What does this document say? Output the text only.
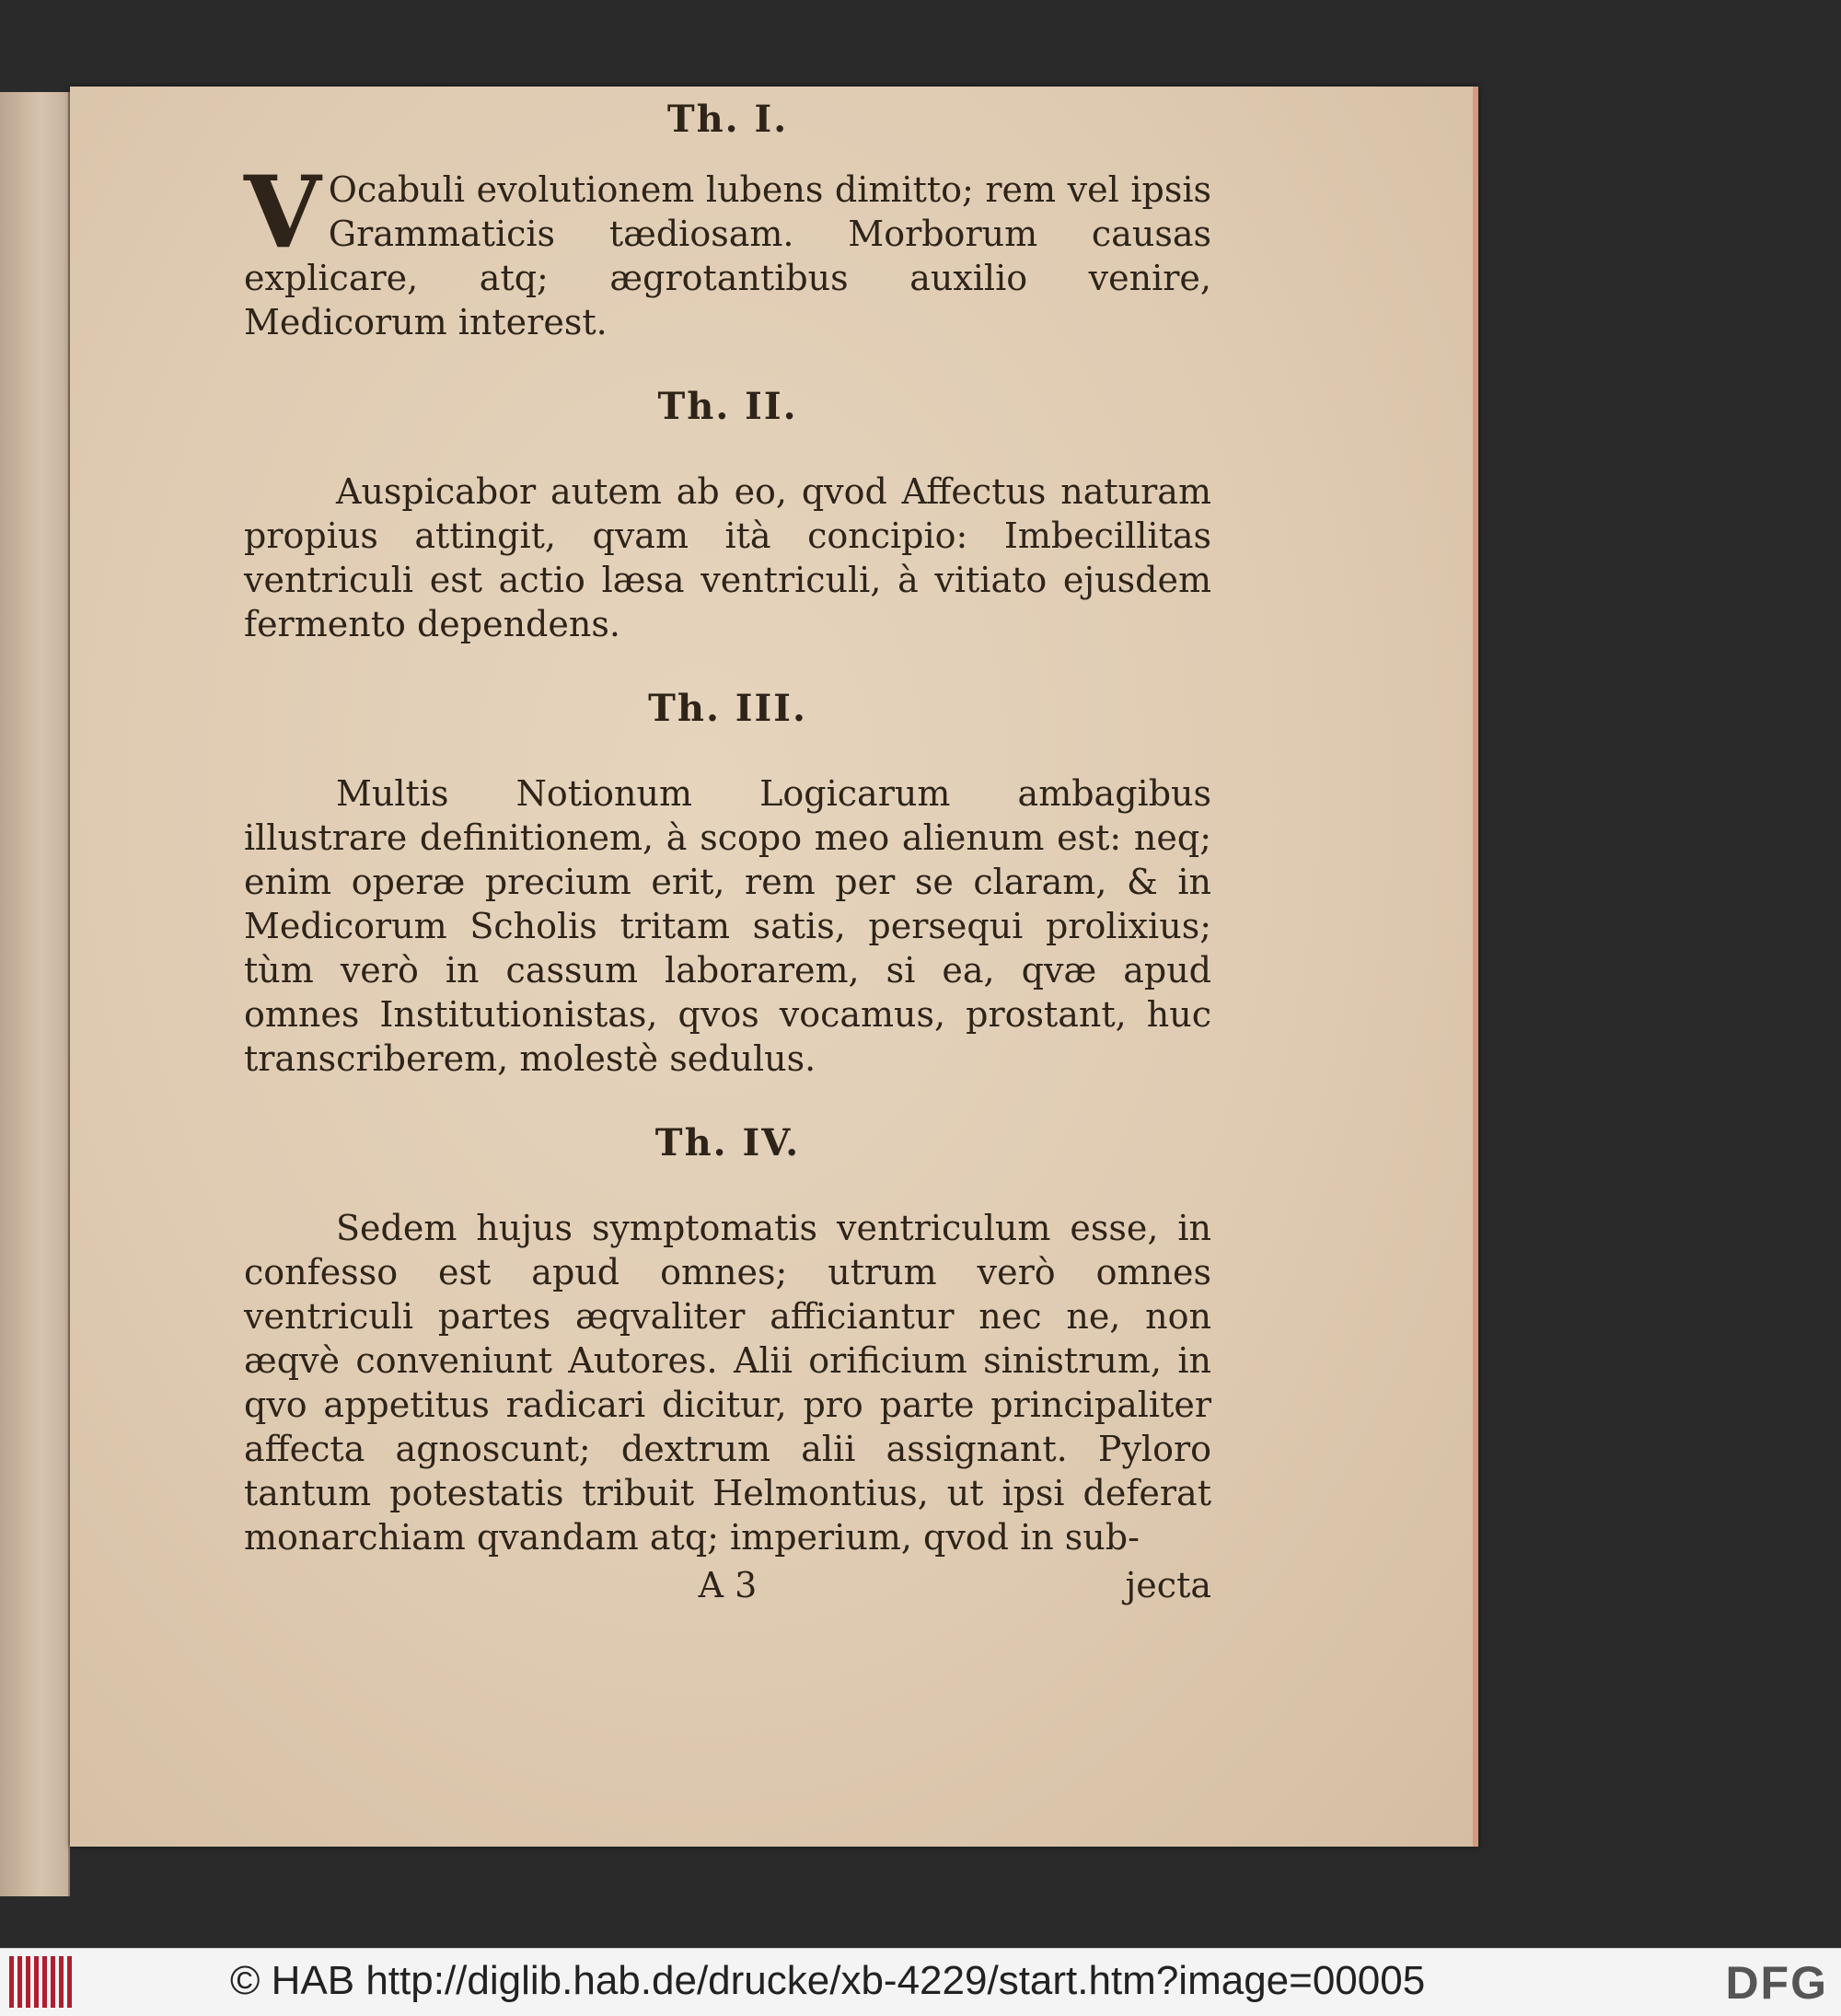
Th. I.

V Ocabuli evolutionem lubens dimitto; rem vel ipsis Grammaticis tædiosam. Morborum causas explicare, atq; ægrotantibus auxilio venire, Medicorum interest.

Th. II.

Auspicabor autem ab eo, qvod Affectus naturam propius attingit, qvam ità concipio: Imbecillitas ventriculi est actio læsa ventriculi, à vitiato ejusdem fermento dependens.

Th. III.

Multis Notionum Logicarum ambagibus illustrare definitionem, à scopo meo alienum est: neq; enim operæ precium erit, rem per se claram, & in Medicorum Scholis tritam satis, persequi prolixius; tùm verò in cassum laborarem, si ea, qvæ apud omnes Institutionistas, qvos vocamus, prostant, huc transcriberem, molestè sedulus.

Th. IV.

Sedem hujus symptomatis ventriculum esse, in confesso est apud omnes; utrum verò omnes ventriculi partes æqvaliter afficiantur nec ne, non æqvè conveniunt Autores. Alii orificium sinistrum, in qvo appetitus radicari dicitur, pro parte principaliter affecta agnoscunt; dextrum alii assignant. Pyloro tantum potestatis tribuit Helmontius, ut ipsi deferat monarchiam qvandam atq; imperium, qvod in sub-

A 3	jecta
© HAB http://diglib.hab.de/drucke/xb-4229/start.htm?image=00005	DFG
